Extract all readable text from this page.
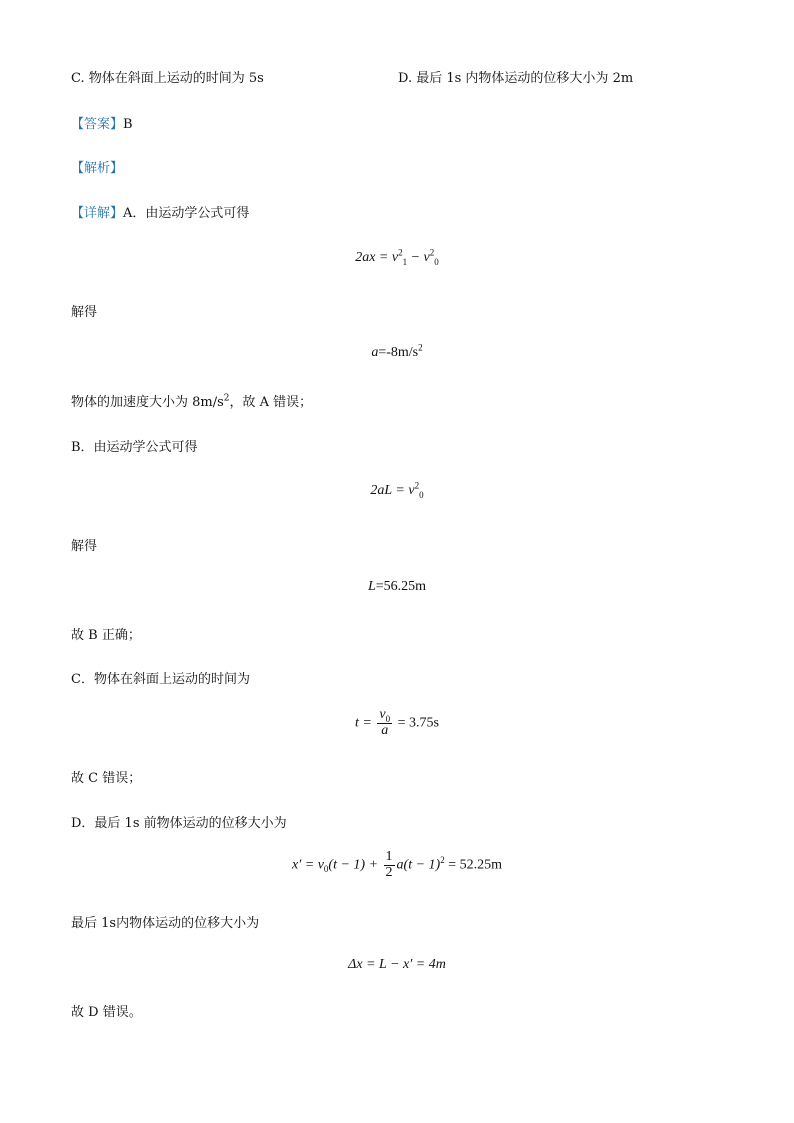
C. 物体在斜面上运动的时间为 5s	D. 最后 1s 内物体运动的位移大小为 2m
【答案】B
【解析】
【详解】A．由运动学公式可得
$2ax = v^2_1 - v^2_0$
解得
$a=-8m/s^2$
物体的加速度大小为 $8m/s^2$，故 A 错误；
B．由运动学公式可得
$2aL = v^2_0$
解得
L=56.25m
故 B 正确；
C．物体在斜面上运动的时间为
$t = \frac{v_0}{a} = 3.75s$
故 C 错误；
D．最后 1s 前物体运动的位移大小为
$x' = v_0(t - 1) + \frac{1}{2} a(t - 1)^2 = 52.25m$
最后 1s内物体运动的位移大小为
Δx = L − x′ = 4m
故 D 错误。
